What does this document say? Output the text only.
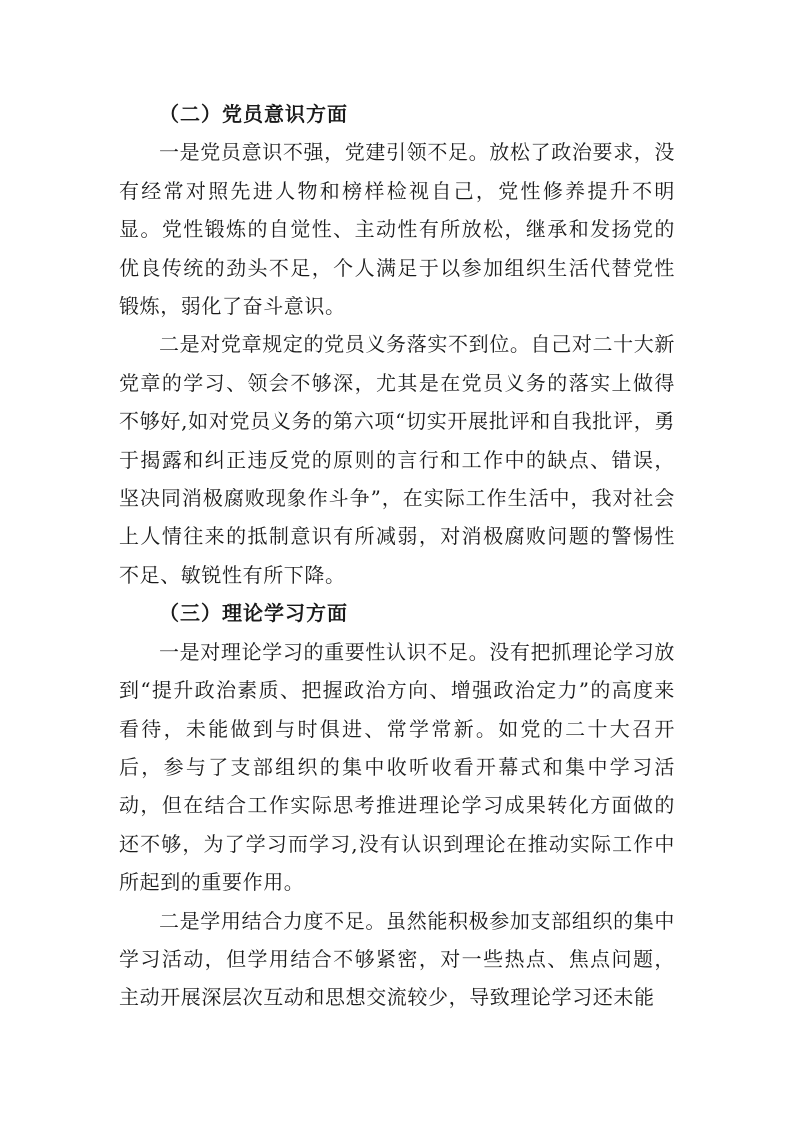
（二）党员意识方面

一是党员意识不强，党建引领不足。放松了政治要求，没有经常对照先进人物和榜样检视自己，党性修养提升不明显。党性锻炼的自觉性、主动性有所放松，继承和发扬党的优良传统的劲头不足，个人满足于以参加组织生活代替党性锻炼，弱化了奋斗意识。

二是对党章规定的党员义务落实不到位。自己对二十大新党章的学习、领会不够深，尤其是在党员义务的落实上做得不够好,如对党员义务的第六项“切实开展批评和自我批评，勇于揭露和纠正违反党的原则的言行和工作中的缺点、错误，坚决同消极腐败现象作斗争”，在实际工作生活中，我对社会上人情往来的抵制意识有所减弱，对消极腐败问题的警惕性不足、敏锐性有所下降。

（三）理论学习方面

一是对理论学习的重要性认识不足。没有把抓理论学习放到“提升政治素质、把握政治方向、增强政治定力”的高度来看待，未能做到与时俱进、常学常新。如党的二十大召开后，参与了支部组织的集中收听收看开幕式和集中学习活动，但在结合工作实际思考推进理论学习成果转化方面做的还不够，为了学习而学习,没有认识到理论在推动实际工作中所起到的重要作用。

二是学用结合力度不足。虽然能积极参加支部组织的集中学习活动，但学用结合不够紧密，对一些热点、焦点问题，主动开展深层次互动和思想交流较少，导致理论学习还未能
